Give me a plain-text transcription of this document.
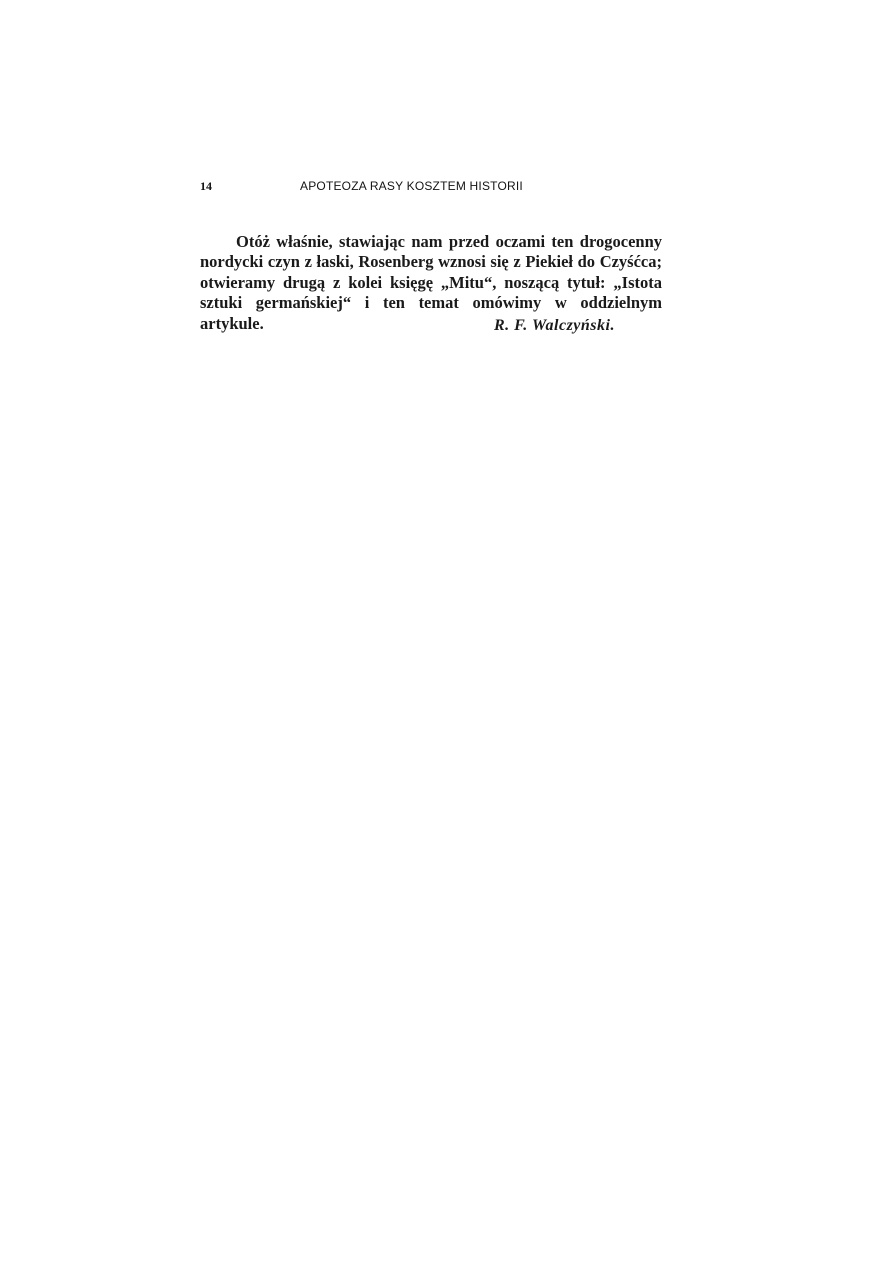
14	APOTEOZA RASY KOSZTEM HISTORII

Otóż właśnie, stawiając nam przed oczami ten drogocenny nordycki czyn z łaski, Rosenberg wznosi się z Piekieł do Czyśćca; otwieramy drugą z kolei księgę „Mitu“, noszącą tytuł: „Istota sztuki germańskiej“ i ten temat omówimy w oddzielnym artykule.	R. F. Walczyński.
